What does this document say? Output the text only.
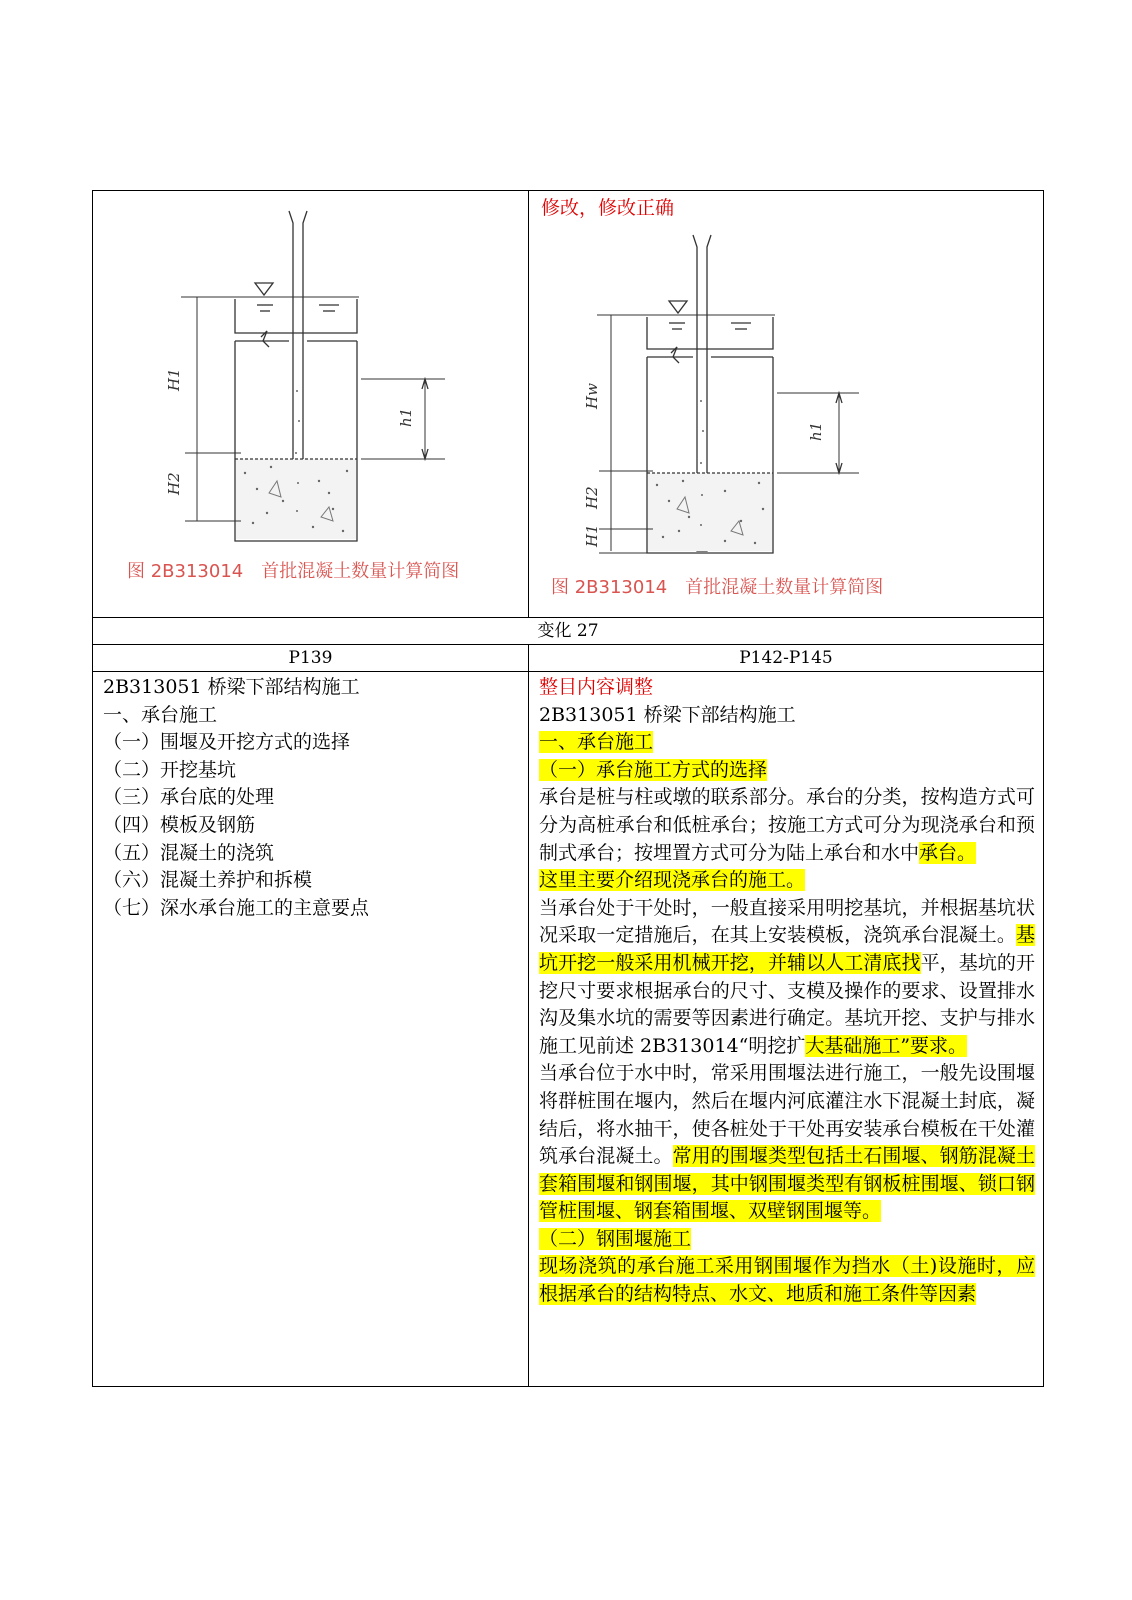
H1
H2
h1
图 2B313014　首批混凝土数量计算简图
修改，修改正确
Hw
H2
H1
h1
图 2B313014　首批混凝土数量计算简图
变化 27
P139	P142-P145

2B313051 桥梁下部结构施工

一、承台施工

（一）围堰及开挖方式的选择
（二）开挖基坑
（三）承台底的处理
（四）模板及钢筋
（五）混凝土的浇筑
（六）混凝土养护和拆模
（七）深水承台施工的主意要点

整目内容调整

2B313051 桥梁下部结构施工

一、承台施工

（一）承台施工方式的选择

承台是桩与柱或墩的联系部分。承台的分类，按构造方式可分为高桩承台和低桩承台；按施工方式可分为现浇承台和预制式承台；按埋置方式可分为陆上承台和水中承台。

这里主要介绍现浇承台的施工。

当承台处于干处时，一般直接采用明挖基坑，并根据基坑状况采取一定措施后，在其上安装模板，浇筑承台混凝土。基坑开挖一般采用机械开挖，并辅以人工清底找平，基坑的开挖尺寸要求根据承台的尺寸、支模及操作的要求、设置排水沟及集水坑的需要等因素进行确定。基坑开挖、支护与排水施工见前述 2B313014“明挖扩大基础施工”要求。

当承台位于水中时，常采用围堰法进行施工，一般先设围堰将群桩围在堰内，然后在堰内河底灌注水下混凝土封底，凝结后，将水抽干，使各桩处于干处再安装承台模板在干处灌筑承台混凝土。常用的围堰类型包括土石围堰、钢筋混凝土套箱围堰和钢围堰，其中钢围堰类型有钢板桩围堰、锁口钢管桩围堰、钢套箱围堰、双壁钢围堰等。

（二）钢围堰施工

现场浇筑的承台施工采用钢围堰作为挡水（土)设施时，应根据承台的结构特点、水文、地质和施工条件等因素
